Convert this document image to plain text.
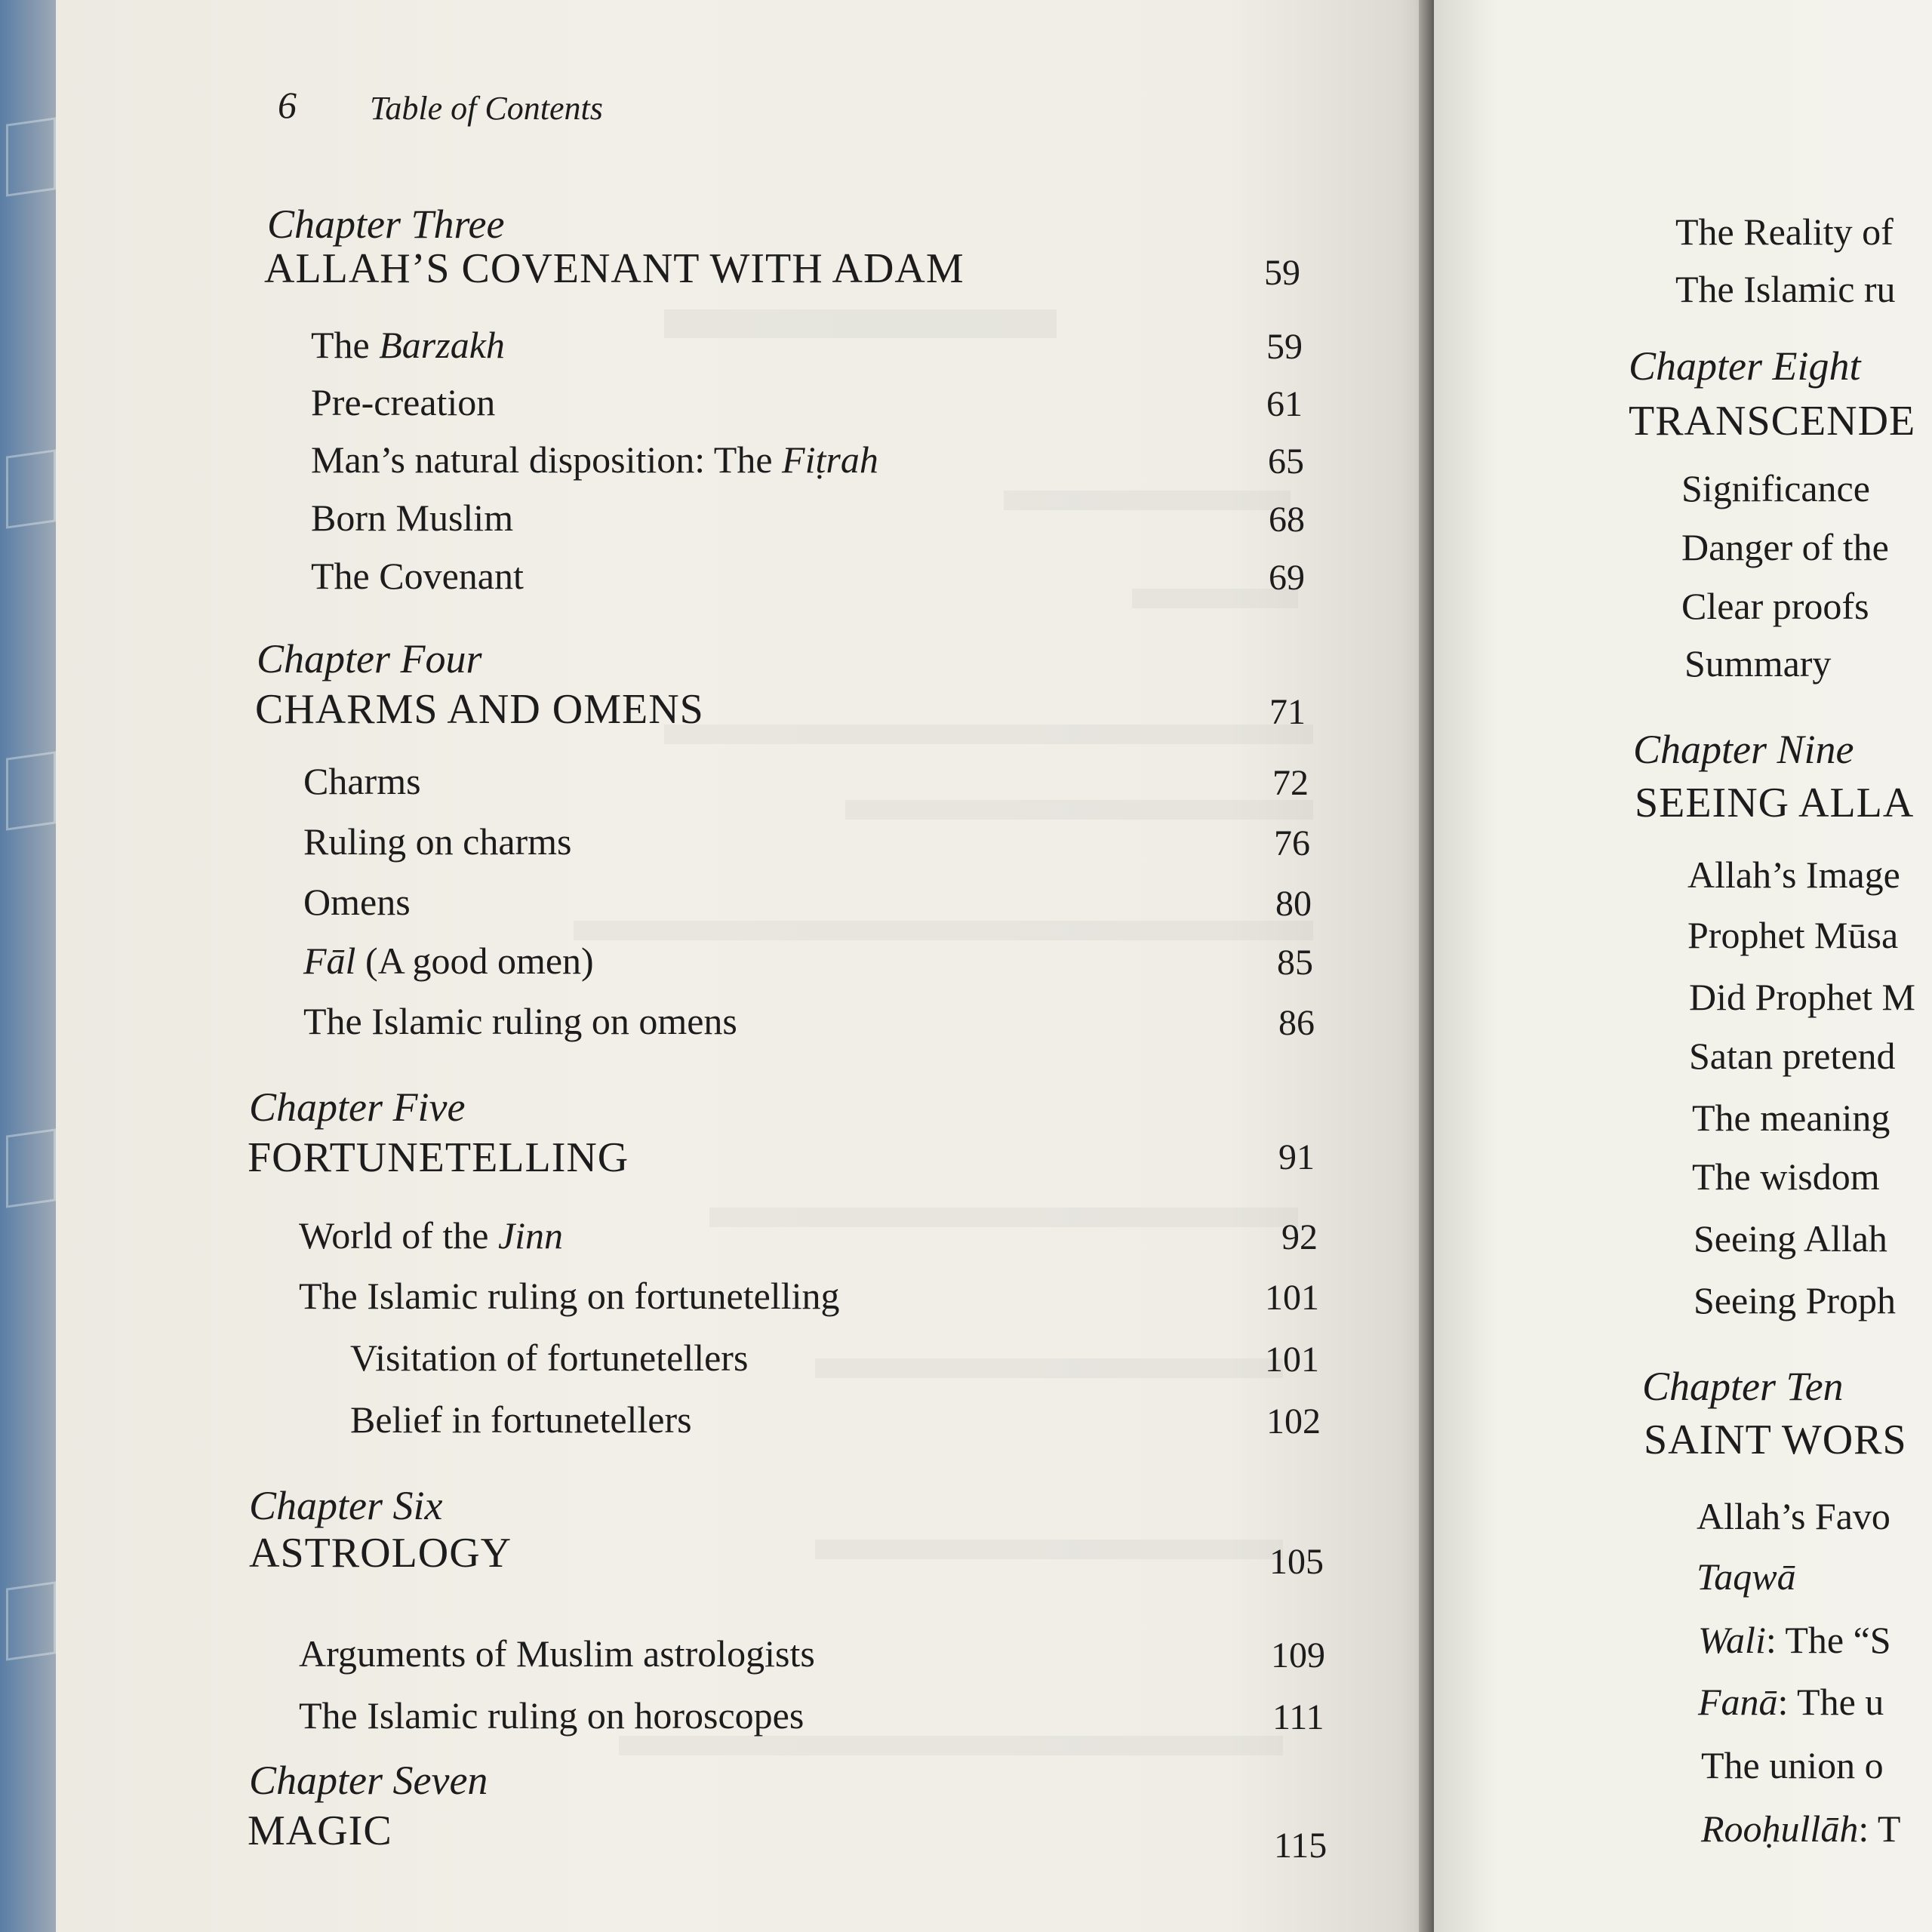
6 Table of Contents
Chapter Three
ALLAH’S COVENANT WITH ADAM	59
The Barzakh	59
Pre-creation	61
Man’s natural disposition: The Fiṭrah	65
Born Muslim	68
The Covenant	69
Chapter Four
CHARMS AND OMENS	71
Charms	72
Ruling on charms	76
Omens	80
Fāl (A good omen)	85
The Islamic ruling on omens	86
Chapter Five
FORTUNETELLING	91
World of the Jinn	92
The Islamic ruling on fortunetelling	101
Visitation of fortunetellers	101
Belief in fortunetellers	102
Chapter Six
ASTROLOGY	105
Arguments of Muslim astrologists	109
The Islamic ruling on horoscopes	111
Chapter Seven
MAGIC	115
The Reality of
The Islamic ru
Chapter Eight
TRANSCENDE
Significance
Danger of the
Clear proofs
Summary
Chapter Nine
SEEING ALLA
Allah’s Image
Prophet Mūsa
Did Prophet M
Satan pretend
The meaning
The wisdom
Seeing Allah
Seeing Proph
Chapter Ten
SAINT WORS
Allah’s Favo
Taqwā
Wali: The “S
Fanā: The u
The union o
Rooḥullāh: T
